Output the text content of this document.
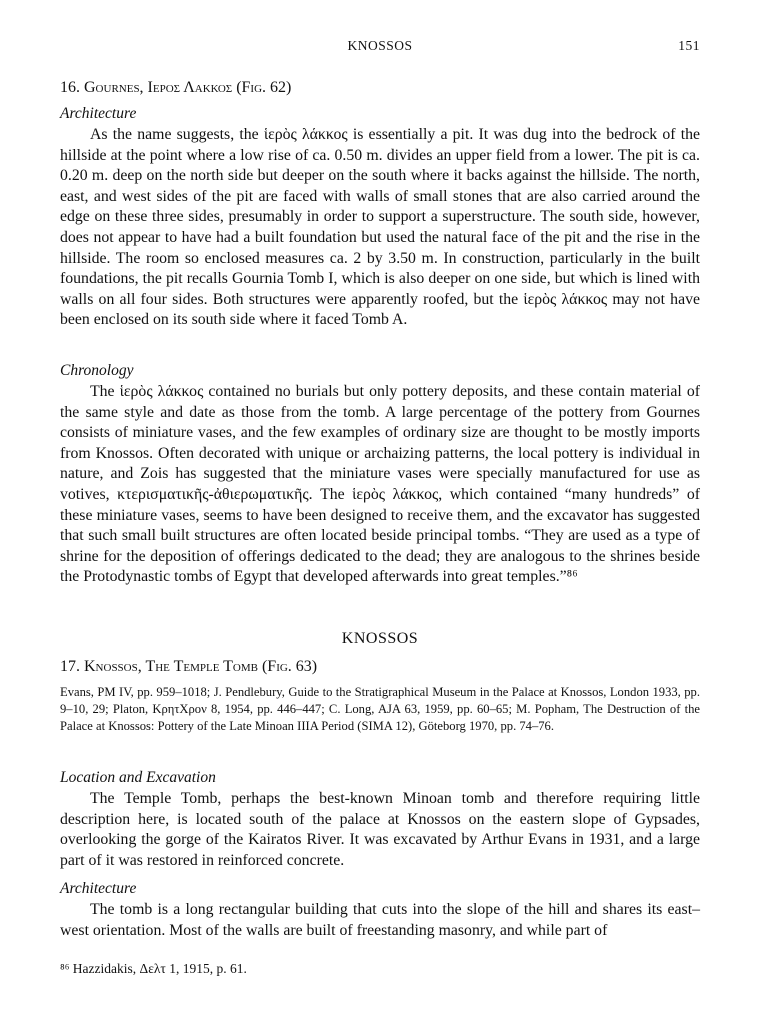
KNOSSOS	151
16. Gournes, Ιεροσ Λακκοσ (Fig. 62)
Architecture

As the name suggests, the ἱερὸς λάκκος is essentially a pit. It was dug into the bedrock of the hillside at the point where a low rise of ca. 0.50 m. divides an upper field from a lower. The pit is ca. 0.20 m. deep on the north side but deeper on the south where it backs against the hillside. The north, east, and west sides of the pit are faced with walls of small stones that are also carried around the edge on these three sides, presumably in order to support a superstructure. The south side, however, does not appear to have had a built foundation but used the natural face of the pit and the rise in the hillside. The room so enclosed measures ca. 2 by 3.50 m. In construction, particularly in the built foundations, the pit recalls Gournia Tomb I, which is also deeper on one side, but which is lined with walls on all four sides. Both structures were apparently roofed, but the ἱερὸς λάκκος may not have been enclosed on its south side where it faced Tomb A.

Chronology

The ἱερὸς λάκκος contained no burials but only pottery deposits, and these contain material of the same style and date as those from the tomb. A large percentage of the pottery from Gournes consists of miniature vases, and the few examples of ordinary size are thought to be mostly imports from Knossos. Often decorated with unique or archaizing patterns, the local pottery is individual in nature, and Zois has suggested that the miniature vases were specially manufactured for use as votives, κτερισματικῆς-ἀθιερωματικῆς. The ἱερὸς λάκκος, which contained “many hundreds” of these miniature vases, seems to have been designed to receive them, and the excavator has suggested that such small built structures are often located beside principal tombs. “They are used as a type of shrine for the deposition of offerings dedicated to the dead; they are analogous to the shrines beside the Protodynastic tombs of Egypt that developed afterwards into great temples.”⁸⁶

KNOSSOS
17. Knossos, The Temple Tomb (Fig. 63)

Evans, PM IV, pp. 959–1018; J. Pendlebury, Guide to the Stratigraphical Museum in the Palace at Knossos, London 1933, pp. 9–10, 29; Platon, ΚρητΧρον 8, 1954, pp. 446–447; C. Long, AJA 63, 1959, pp. 60–65; M. Popham, The Destruction of the Palace at Knossos: Pottery of the Late Minoan IIIA Period (SIMA 12), Göteborg 1970, pp. 74–76.

Location and Excavation

The Temple Tomb, perhaps the best-known Minoan tomb and therefore requiring little description here, is located south of the palace at Knossos on the eastern slope of Gypsades, overlooking the gorge of the Kairatos River. It was excavated by Arthur Evans in 1931, and a large part of it was restored in reinforced concrete.

Architecture

The tomb is a long rectangular building that cuts into the slope of the hill and shares its east–west orientation. Most of the walls are built of freestanding masonry, and while part of

⁸⁶ Hazzidakis, Δελτ 1, 1915, p. 61.
